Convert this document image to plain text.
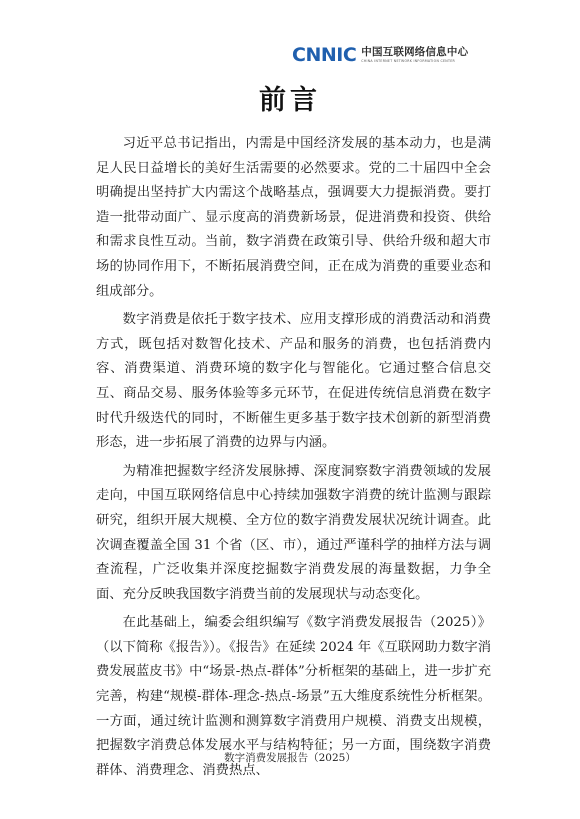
CNNIC 中国互联网络信息中心
CHINA INTERNET NETWORK INFORMATION CENTER
前言

习近平总书记指出，内需是中国经济发展的基本动力，也是满足人民日益增长的美好生活需要的必然要求。党的二十届四中全会明确提出坚持扩大内需这个战略基点，强调要大力提振消费。要打造一批带动面广、显示度高的消费新场景，促进消费和投资、供给和需求良性互动。当前，数字消费在政策引导、供给升级和超大市场的协同作用下，不断拓展消费空间，正在成为消费的重要业态和组成部分。

数字消费是依托于数字技术、应用支撑形成的消费活动和消费方式，既包括对数智化技术、产品和服务的消费，也包括消费内容、消费渠道、消费环境的数字化与智能化。它通过整合信息交互、商品交易、服务体验等多元环节，在促进传统信息消费在数字时代升级迭代的同时，不断催生更多基于数字技术创新的新型消费形态，进一步拓展了消费的边界与内涵。

为精准把握数字经济发展脉搏、深度洞察数字消费领域的发展走向，中国互联网络信息中心持续加强数字消费的统计监测与跟踪研究，组织开展大规模、全方位的数字消费发展状况统计调查。此次调查覆盖全国 31 个省（区、市），通过严谨科学的抽样方法与调查流程，广泛收集并深度挖掘数字消费发展的海量数据，力争全面、充分反映我国数字消费当前的发展现状与动态变化。

在此基础上，编委会组织编写《数字消费发展报告（2025）》（以下简称《报告》）。《报告》在延续 2024 年《互联网助力数字消费发展蓝皮书》中“场景-热点-群体”分析框架的基础上，进一步扩充完善，构建“规模-群体-理念-热点-场景”五大维度系统性分析框架。一方面，通过统计监测和测算数字消费用户规模、消费支出规模，把握数字消费总体发展水平与结构特征；另一方面，围绕数字消费群体、消费理念、消费热点、

数字消费发展报告（2025）
